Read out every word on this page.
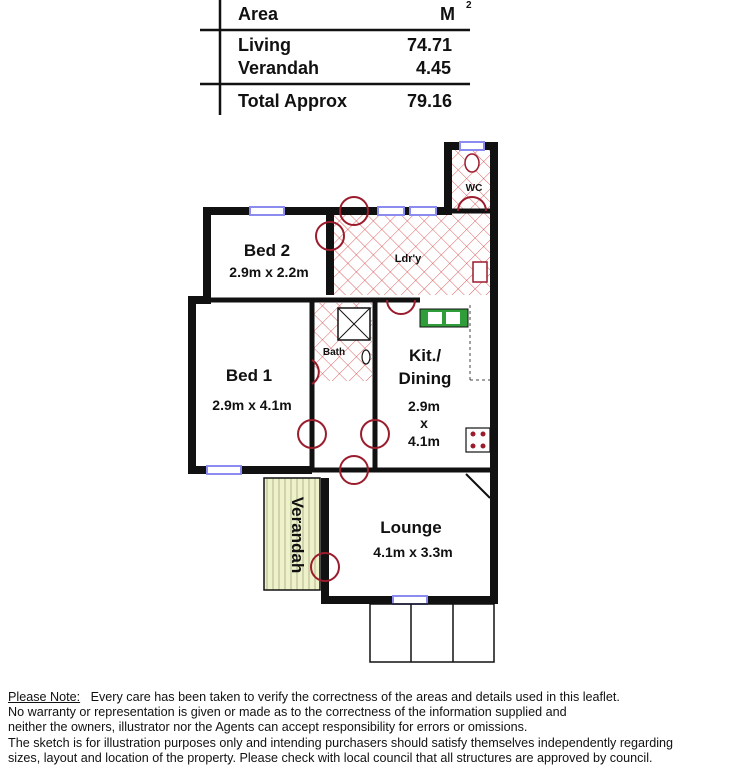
Area	M 2
Living	74.71
Verandah	4.45
Total Approx	79.16
Bed 2
2.9m x 2.2m
Ldr'y
WC
Bath
Bed 1
2.9m x 4.1m
Kit./
Dining
2.9m
x
4.1m
Lounge
4.1m x 3.3m
Verandah

Please Note: Every care has been taken to verify the correctness of the areas and details used in this leaflet.

No warranty or representation is given or made as to the correctness of the information supplied and

neither the owners, illustrator nor the Agents can accept responsibility for errors or omissions.

The sketch is for illustration purposes only and intending purchasers should satisfy themselves independently regarding

sizes, layout and location of the property. Please check with local council that all structures are approved by council.
